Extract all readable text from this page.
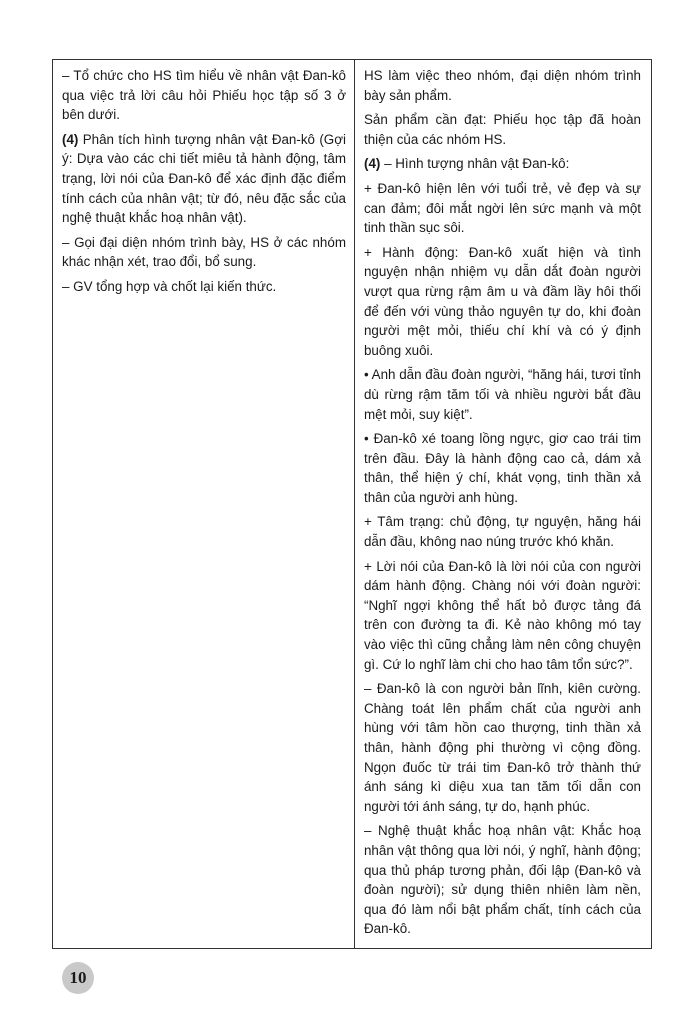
– Tổ chức cho HS tìm hiểu về nhân vật Đan-kô qua việc trả lời câu hỏi Phiếu học tập số 3 ở bên dưới.

(4) Phân tích hình tượng nhân vật Đan-kô (Gợi ý: Dựa vào các chi tiết miêu tả hành động, tâm trạng, lời nói của Đan-kô để xác định đặc điểm tính cách của nhân vật; từ đó, nêu đặc sắc của nghệ thuật khắc hoạ nhân vật).

– Gọi đại diện nhóm trình bày, HS ở các nhóm khác nhận xét, trao đổi, bổ sung.

– GV tổng hợp và chốt lại kiến thức.

HS làm việc theo nhóm, đại diện nhóm trình bày sản phẩm.

Sản phẩm cần đạt: Phiếu học tập đã hoàn thiện của các nhóm HS.

(4) – Hình tượng nhân vật Đan-kô:

+ Đan-kô hiện lên với tuổi trẻ, vẻ đẹp và sự can đảm; đôi mắt ngời lên sức mạnh và một tinh thần sục sôi.

+ Hành động: Đan-kô xuất hiện và tình nguyện nhận nhiệm vụ dẫn dắt đoàn người vượt qua rừng rậm âm u và đầm lầy hôi thối để đến với vùng thảo nguyên tự do, khi đoàn người mệt mỏi, thiếu chí khí và có ý định buông xuôi.

• Anh dẫn đầu đoàn người, “hăng hái, tươi tỉnh dù rừng rậm tăm tối và nhiều người bắt đầu mệt mỏi, suy kiệt”.

• Đan-kô xé toang lồng ngực, giơ cao trái tim trên đầu. Đây là hành động cao cả, dám xả thân, thể hiện ý chí, khát vọng, tinh thần xả thân của người anh hùng.

+ Tâm trạng: chủ động, tự nguyện, hăng hái dẫn đầu, không nao núng trước khó khăn.

+ Lời nói của Đan-kô là lời nói của con người dám hành động. Chàng nói với đoàn người: “Nghĩ ngợi không thể hất bỏ được tảng đá trên con đường ta đi. Kẻ nào không mó tay vào việc thì cũng chẳng làm nên công chuyện gì. Cứ lo nghĩ làm chi cho hao tâm tổn sức?”.

– Đan-kô là con người bản lĩnh, kiên cường. Chàng toát lên phẩm chất của người anh hùng với tâm hồn cao thượng, tinh thần xả thân, hành động phi thường vì cộng đồng. Ngọn đuốc từ trái tim Đan-kô trở thành thứ ánh sáng kì diệu xua tan tăm tối dẫn con người tới ánh sáng, tự do, hạnh phúc.

– Nghệ thuật khắc hoạ nhân vật: Khắc hoạ nhân vật thông qua lời nói, ý nghĩ, hành động; qua thủ pháp tương phản, đối lập (Đan-kô và đoàn người); sử dụng thiên nhiên làm nền, qua đó làm nổi bật phẩm chất, tính cách của Đan-kô.

10
